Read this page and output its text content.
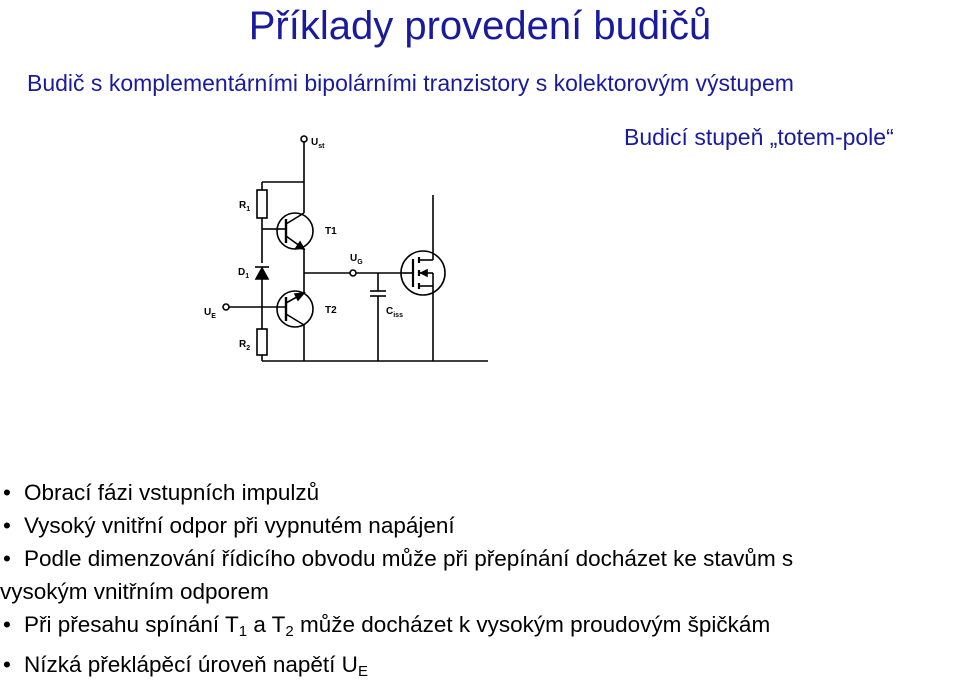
Příklady provedení budičů
Budič s komplementárními bipolárními tranzistory s kolektorovým výstupem
Budicí stupeň „totem-pole“
$U_{st}$
$R_1$
T1
$D_1$
$U_G$
$U_E$
T2	$C_{iss}$
$R_2$
• Obrací fázi vstupních impulzů
• Vysoký vnitřní odpor při vypnutém napájení
• Podle dimenzování řídicího obvodu může při přepínání docházet ke stavům s
vysokým vnitřním odporem
• Při přesahu spínání $T_1$ a $T_2$ může docházet k vysokým proudovým špičkám
• Nízká překlápěcí úroveň napětí $U_E$
